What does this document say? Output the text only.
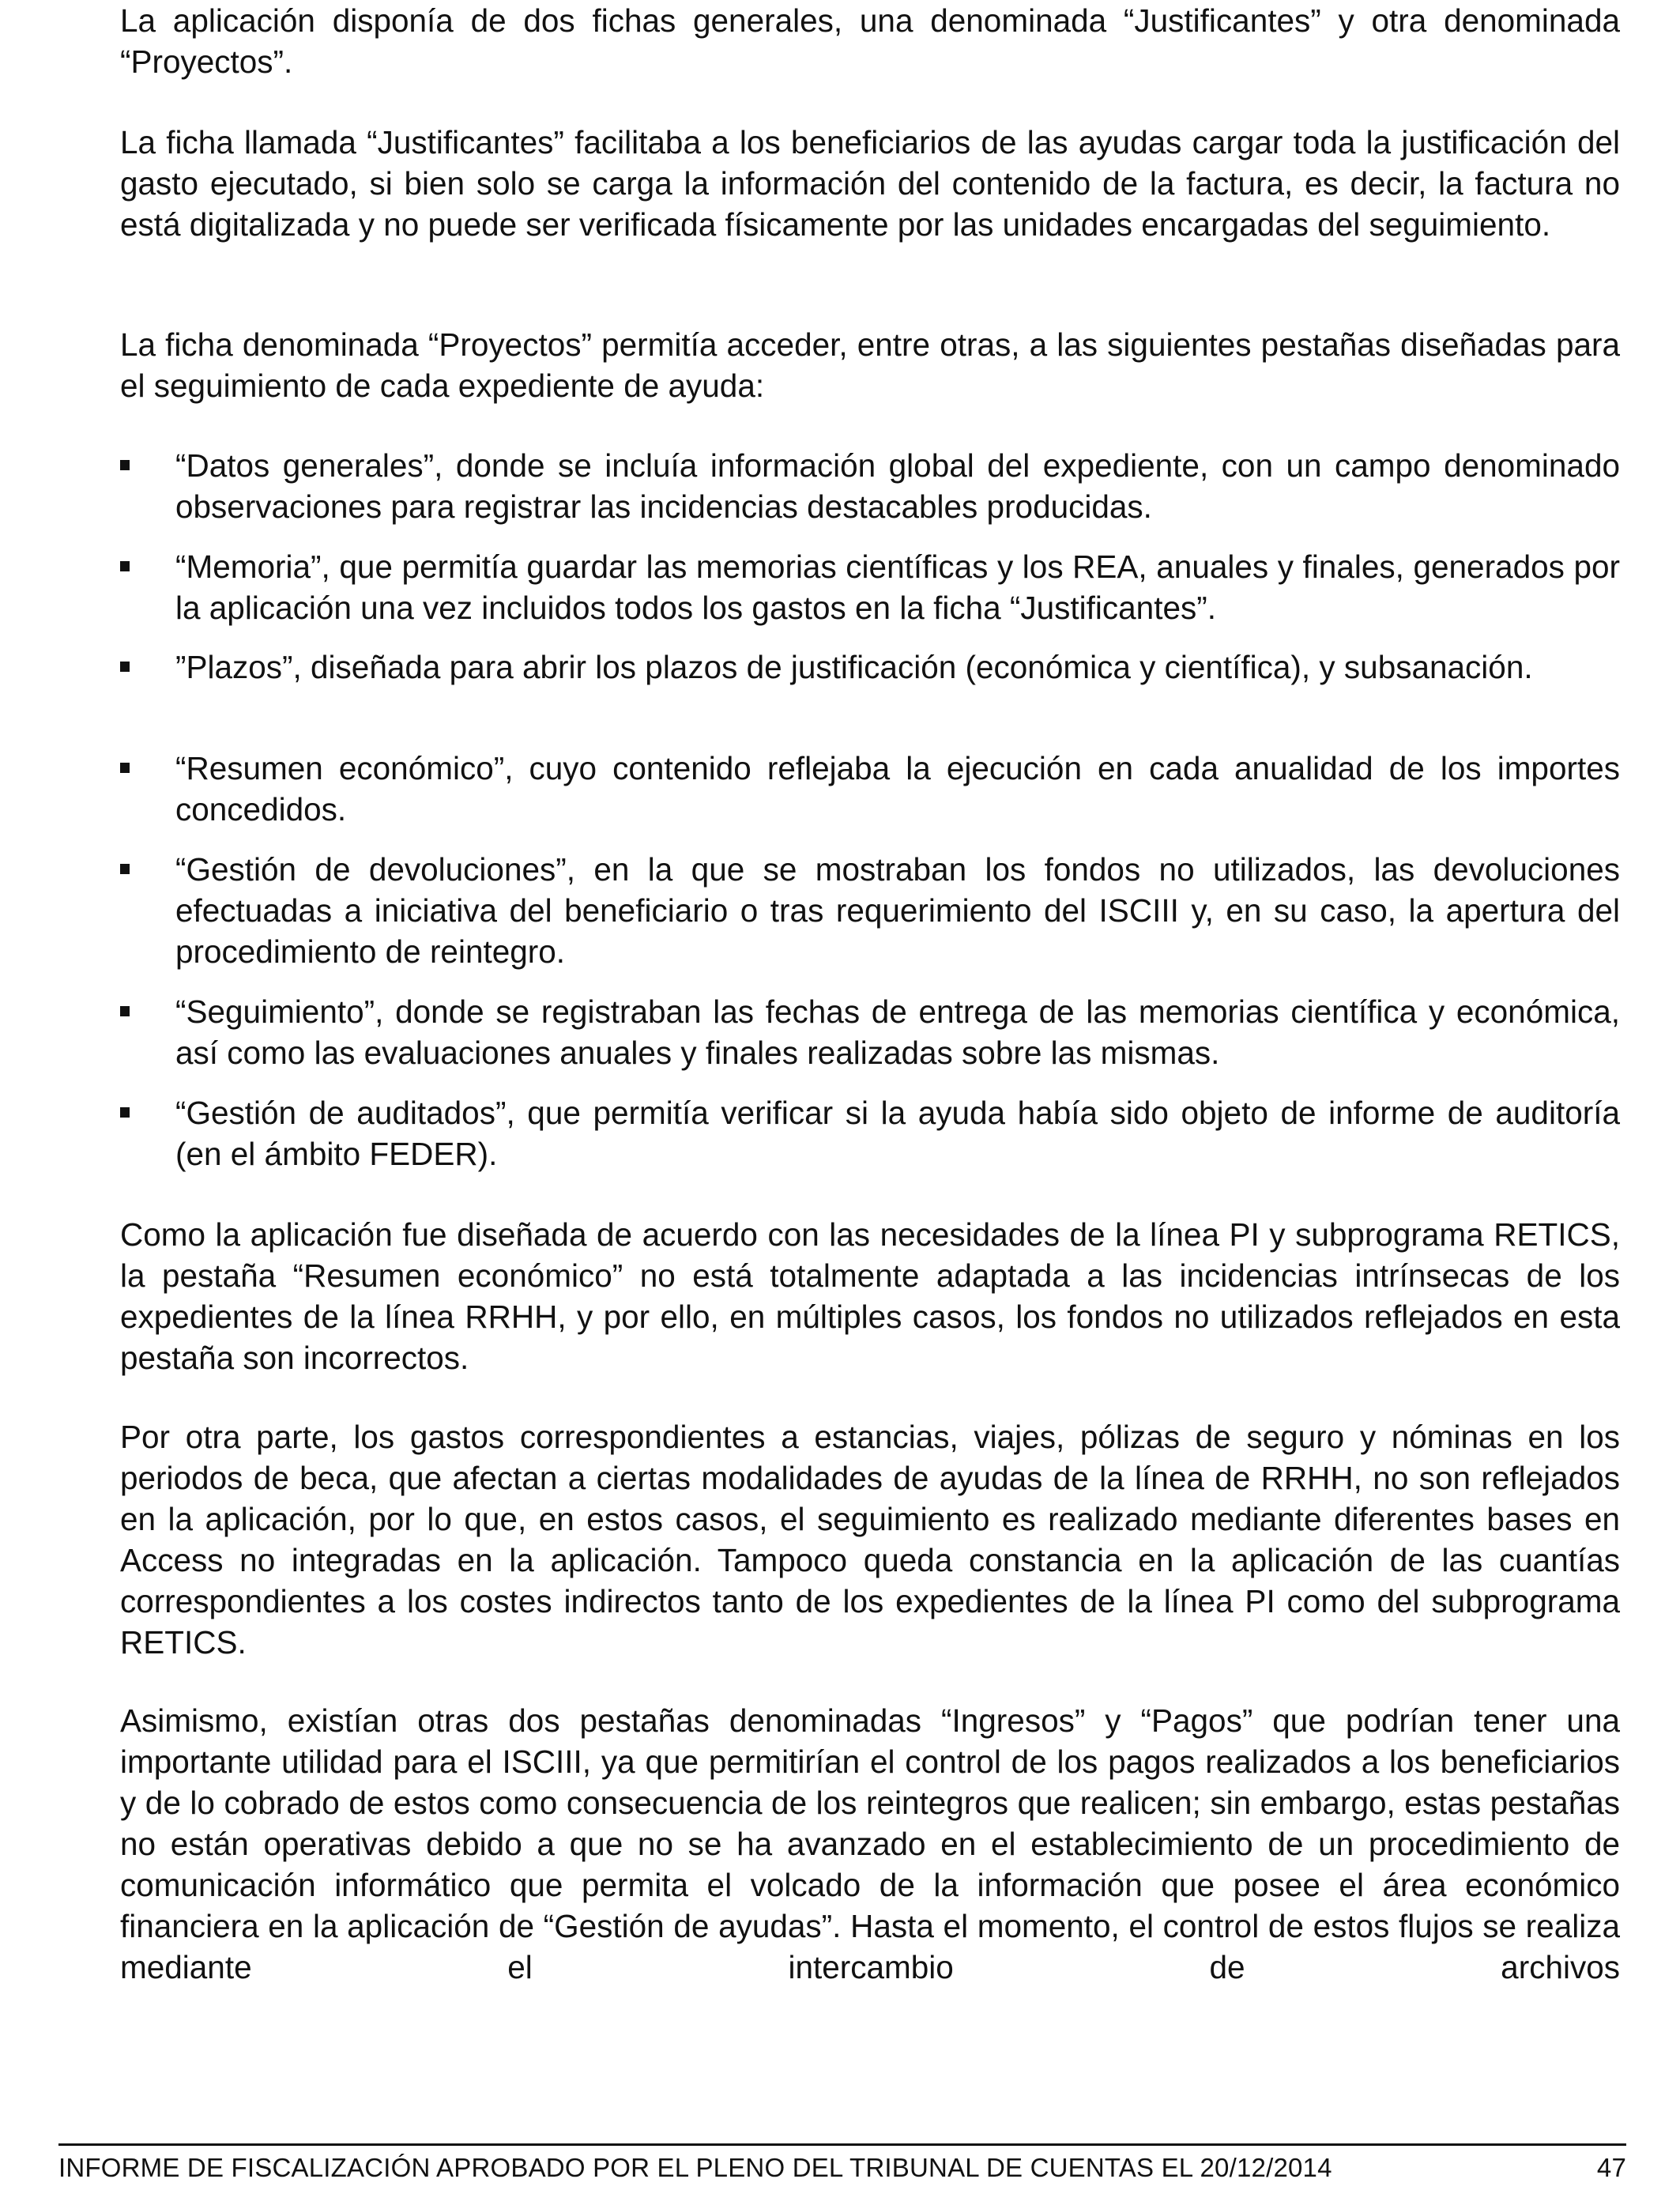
La aplicación disponía de dos fichas generales, una denominada “Justificantes” y otra denominada “Proyectos”.

La ficha llamada “Justificantes” facilitaba a los beneficiarios de las ayudas cargar toda la justificación del gasto ejecutado, si bien solo se carga la información del contenido de la factura, es decir, la factura no está digitalizada y no puede ser verificada físicamente por las unidades encargadas del seguimiento.

La ficha denominada “Proyectos” permitía acceder, entre otras, a las siguientes pestañas diseñadas para el seguimiento de cada expediente de ayuda:

“Datos generales”, donde se incluía información global del expediente, con un campo denominado observaciones para registrar las incidencias destacables producidas.
“Memoria”, que permitía guardar las memorias científicas y los REA, anuales y finales, generados por la aplicación una vez incluidos todos los gastos en la ficha “Justificantes”.
”Plazos”, diseñada para abrir los plazos de justificación (económica y científica), y subsanación.
“Resumen económico”, cuyo contenido reflejaba la ejecución en cada anualidad de los importes concedidos.
“Gestión de devoluciones”, en la que se mostraban los fondos no utilizados, las devoluciones efectuadas a iniciativa del beneficiario o tras requerimiento del ISCIII y, en su caso, la apertura del procedimiento de reintegro.
“Seguimiento”, donde se registraban las fechas de entrega de las memorias científica y económica, así como las evaluaciones anuales y finales realizadas sobre las mismas.
“Gestión de auditados”, que permitía verificar si la ayuda había sido objeto de informe de auditoría (en el ámbito FEDER).

Como la aplicación fue diseñada de acuerdo con las necesidades de la línea PI y subprograma RETICS, la pestaña “Resumen económico” no está totalmente adaptada a las incidencias intrínsecas de los expedientes de la línea RRHH, y por ello, en múltiples casos, los fondos no utilizados reflejados en esta pestaña son incorrectos.

Por otra parte, los gastos correspondientes a estancias, viajes, pólizas de seguro y nóminas en los periodos de beca, que afectan a ciertas modalidades de ayudas de la línea de RRHH, no son reflejados en la aplicación, por lo que, en estos casos, el seguimiento es realizado mediante diferentes bases en Access no integradas en la aplicación. Tampoco queda constancia en la aplicación de las cuantías correspondientes a los costes indirectos tanto de los expedientes de la línea PI como del subprograma RETICS.

Asimismo, existían otras dos pestañas denominadas “Ingresos” y “Pagos” que podrían tener una importante utilidad para el ISCIII, ya que permitirían el control de los pagos realizados a los beneficiarios y de lo cobrado de estos como consecuencia de los reintegros que realicen; sin embargo, estas pestañas no están operativas debido a que no se ha avanzado en el establecimiento de un procedimiento de comunicación informático que permita el volcado de la información que posee el área económico financiera en la aplicación de “Gestión de ayudas”. Hasta el momento, el control de estos flujos se realiza mediante el intercambio de archivos

INFORME DE FISCALIZACIÓN APROBADO POR EL PLENO DEL TRIBUNAL DE CUENTAS EL 20/12/2014	47
